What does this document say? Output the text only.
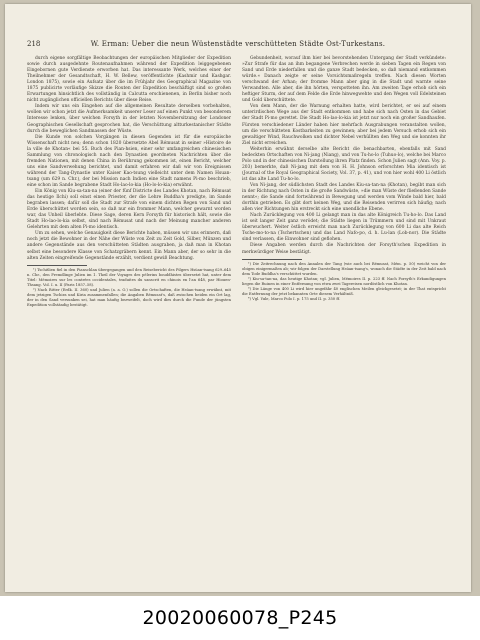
218	W. Erman: Ueber die neun Wüstenstädte verschütteten Städte Ost-Turkestans.

durch eigene sorgfältige Beobachtungen der europäischen Mitglieder der Expedition sowie durch ausgedehnte Routenaufnahmen während der Expedition leiggegebenen Eingebornen gute Verdienste erworben hat. Das interessante Werk, welches einer der Theilnehmer der Gesandtschaft, H. W. Bellew, veröffentlichte (Kashmir und Kashgar. London 1875), sowie ein Aufsatz über die im Frühjahr des Geographical Magazine von 1875 publicirte vorläufige Skizze die Routen der Expedition beschäftigt sind so großen Erwartungen hinsichtlich des vollständig in Calcutta erschienenen, in Berlin bisher noch nicht zugänglichen officiellen Berichts über diese Reise.

Indem wir uns ein Eingehen auf die allgemeinen Resultate derselben vorbehalten, wollen wir schon jetzt die Aufmerksamkeit unserer Leser auf einen Punkt von besonderem Interesse lenken, über welchen Forsyth in der letzten Novembersitzung der Londoner Geographischen Gesellschaft gesprochen hat, die Verschüttung altturkestanischer Städte durch die beweglichen Sandmassen der Wüste.

Die Kunde von solchen Vorgängen in diesen Gegenden ist für die europäische Wissenschaft nicht neu; denn schon 1820 übersetzte Abel Rémusat in seiner »Histoire de la ville de Khotan« bei 55. Buch des Pian-hsien, einer sehr umfangreichen chinesischen Sammlung von chronologisch nach den Dynastien geordneten Nachrichten über die fremden Nationen, mit denen China in Berührung gekommen ist, einen Bericht, welcher uns eine Sandverwehung berichtet, und damit erfahren wir daß wir von Ereignissen während der Tang-Dynastie unter Kaiser Kao-tsung vielleicht unter dem Namen Hsuan-tsang (um 629 n. Chr.), der bei Mission nach Indien eine Stadt namens Pi-mo beschrieb, eine schon im Sande begrabene Stadt Ho-lao-lo-kia (Ho-lo-lo-kia) erwähnt.

Ein König von Kiu-sa-tan-na (einer der fünf Districte des Landes Khotan, nach Rémusat das heutige Ilchi) soll einst einen Priester, der die Lehre Buddha's predigte, im Sande begraben lassen; dafür soll die Stadt zur Strafe von einem dichten Regen von Sand und Erde überschüttet worden sein, so daß nur ein frommer Mann, welcher gewarnt worden war, das Unheil überlebte. Diese Sage, deren Kern Forsyth für historisch hält, sowie die Stadt Ho-lao-lo-kia selbst, sind nach Rémusat und nach der Meinung mancher anderen Gelehrten mit dem alten Pi-mo identisch.

Um zu sehen, welche Genauigkeit diese Berichte haben, müssen wir uns erinnern, daß noch jetzt die Bewohner in der Nähe der Wüste von Zeit zu Zeit Gold, Silber, Münzen und andere Gegenstände aus den verschütteten Städten ausgraben, ja daß man in Khotan selbst eine besondere Klasse von Schatzgräbern kennt. Ein Mann aber, der so sehr in die alten Zeiten eingreifende Gegenstände erzählt, verdient gewiß Beachtung.

¹) Tschitlien fiel in den Pianschlan übergegangen und den Reisebericht des Pilgers Hsüan-tsang 629–645 n. Chr., den Fremdlinge Julien im 1. Theil der Voyages des pèlerins bouddhistes übersetzt hat, unter dem Titel: Mémoires sur les contrées occidentales, traduites du sanscrit en chinois en l'an 648, par Hiouen-Thsang. Vol. I. u. II (Paris 1857–58).

²) Nach Ritter (Erdk. II. 360) und Julien (a. a. O.) sollen die Ortschaften, die Hsüan-tsang erwähnt, mit dem jetzigen Tschira und Kiria zusammenfallen; die Angaben Rémusat's, daß zwischen beiden ein Ort lag, der in den Sand versunken sei, hat man häufig bezweifelt, doch wird dies durch die Funde der jüngsten Expedition vollständig bestätigt.

Gebundenheit, worauf ihm hier bei bevorstehenden Untergang der Stadt verkündete: »Zur Strafe für das an ihm begangene Verbrechen werde in sieben Tagen ein Regen von Sand und Erde niederfallen und die ganze Stadt bedecken, so daß niemand entkommen würde.« Danach zeigte er seine Vorsichtsmaßregeln treffen. Nach diesen Worten verschwand der Arhan; der fromme Mann aber ging in die Stadt und warnte seine Verwandten. Alle aber, die ihn hörten, verspotteten ihn. Am zweiten Tage erhob sich ein heftiger Sturm, der auf dem Felde die Erde hinwegwehte und den Wegen voll Edelsteinen und Gold überschüttete.

Von dem Mann, der die Warnung erhalten hatte, wird berichtet, er sei auf einem unterirdischen Wege aus der Stadt entkommen und habe sich nach Osten in das Gebiet der Stadt Pi-mo gerettet. Die Stadt Ho-lao-lo-kia ist jetzt nur noch ein großer Sandhaufen. Fürsten verschiedener Länder haben hier mehrfach Ausgrabungen veranstalten wollen, um die verschütteten Kostbarkeiten zu gewinnen; aber bei jedem Versuch erhob sich ein gewaltiger Wind, Rauchwolken und dichter Nebel verhüllten den Weg und sie konnten ihr Ziel nicht erreichen.

Weiterhin erwähnt derselbe alte Bericht die benachbarten, ebenfalls mit Sand bedeckten Ortschaften von Ni-jang (Niang), und von Tu-ho-lo (Tuhuo-lo), welche bei Marco Polo und in der chinesischen Darstellung ihren Platz finden. Schon Julien sagt (Ann. Voy. p. 203) bemerkte, daß Ni-jang mit dem von H. H. Johnson erforschten Mia identisch ist (Journal of the Royal Geographical Society, Vol. 37, p. 41), und von hier wohl 400 Li östlich ist das alte Land Tu-ho-lo.

Von Ni-jang, der südlichsten Stadt des Landes Kiu-sa-tan-na (Khotan), begibt man sich in der Richtung nach Osten in die große Sandwüste, »die man Wüste der fließenden Sande nennt«; die Sande sind fortwährend in Bewegung und werden vom Winde bald hier, bald dorthin getrieben. Es gibt dort keinen Weg, und die Reisenden verirren sich häufig; nach allen vier Richtungen hin erstreckt sich eine unendliche Ebene.

Nach Zurücklegung von 400 Li gelangt man in das alte Königreich Tu-ho-lo. Das Land ist seit langer Zeit ganz verödet; die Städte liegen in Trümmern und sind mit Unkraut überwuchert. Weiter östlich erreicht man nach Zurücklegung von 600 Li das alte Reich Tsche-mo-to-na (Tschertschen) und das Land Nafo-po, d. h. Lu-lan (Lob-nor). Die Städte sind verlassen, die Einwohner sind geflohen.

Diese Angaben werden durch die Nachrichten der Forsyth'schen Expedition in merkwürdiger Weise bestätigt.

¹) Die Zeitrechnung nach den Annalen der Tang (wie auch bei Rémusat, Mém. p. 50) weicht von der obigen einigermaßen ab; wir folgen der Darstellung Hsüan-tsang's, wonach die Städte in der Zeit bald nach dem Tode Buddha's verschüttet wurden.

²) Kiu-sa-tan-na, das heutige Khotan; vgl. Julien, Mémoires II. p. 223 ff. Nach Forsyth's Erkundigungen liegen die Ruinen in einer Entfernung von etwa zwei Tagereisen nordöstlich von Khotan.

³) Die Länge von 400 Li wird hier ungefähr 40 englischen Meilen gleichgesetzt; in der That entspricht die Entfernung der jetzt bekannten Orte diesem Verhältniß.

⁴) Vgl. Yule, Marco Polo I. p. 175 und II. p. 350 ff.

20020060078_P245
